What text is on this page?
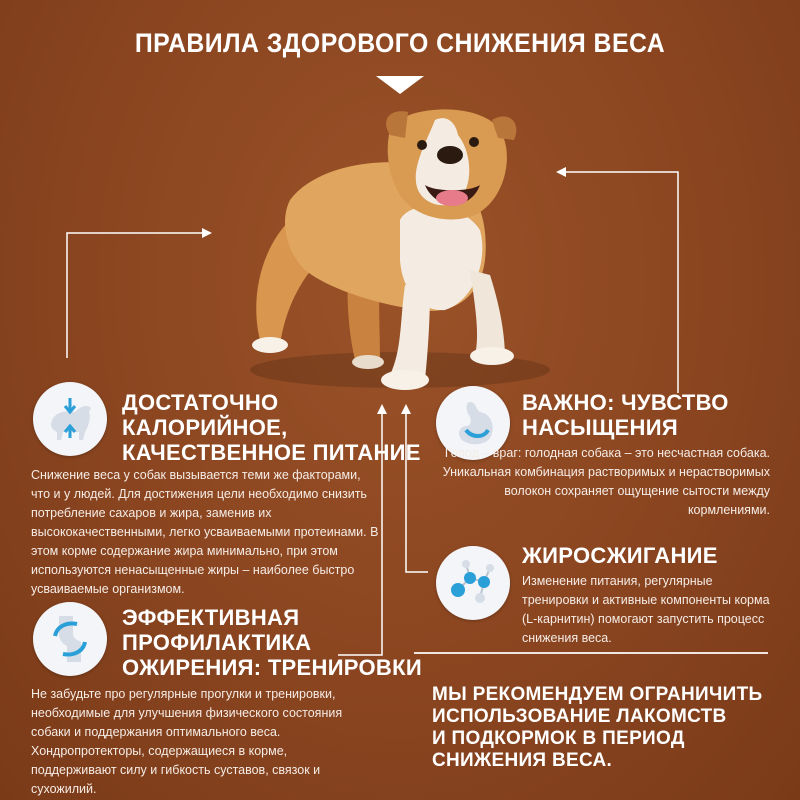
ПРАВИЛА ЗДОРОВОГО СНИЖЕНИЯ ВЕСА
ДОСТАТОЧНО
КАЛОРИЙНОЕ,
КАЧЕСТВЕННОЕ ПИТАНИЕ
Снижение веса у собак вызывается теми же факторами, что и у людей. Для достижения цели необходимо снизить потребление сахаров и жира, заменив их высококачественными, легко усваиваемыми протеинами. В этом корме содержание жира минимально, при этом используются ненасыщенные жиры – наиболее быстро усваиваемые организмом.
ВАЖНО: ЧУВСТВО
НАСЫЩЕНИЯ
Голод – враг: голодная собака – это несчастная собака. Уникальная комбинация растворимых и нерастворимых волокон сохраняет ощущение сытости между кормлениями.
ЖИРОСЖИГАНИЕ
Изменение питания, регулярные тренировки и активные компоненты корма (L-карнитин) помогают запустить процесс снижения веса.
ЭФФЕКТИВНАЯ
ПРОФИЛАКТИКА
ОЖИРЕНИЯ: ТРЕНИРОВКИ
Не забудьте про регулярные прогулки и тренировки, необходимые для улучшения физического состояния собаки и поддержания оптимального веса. Хондропротекторы, содержащиеся в корме, поддерживают силу и гибкость суставов, связок и сухожилий.
МЫ РЕКОМЕНДУЕМ ОГРАНИЧИТЬ
ИСПОЛЬЗОВАНИЕ ЛАКОМСТВ
И ПОДКОРМОК В ПЕРИОД
СНИЖЕНИЯ ВЕСА.
